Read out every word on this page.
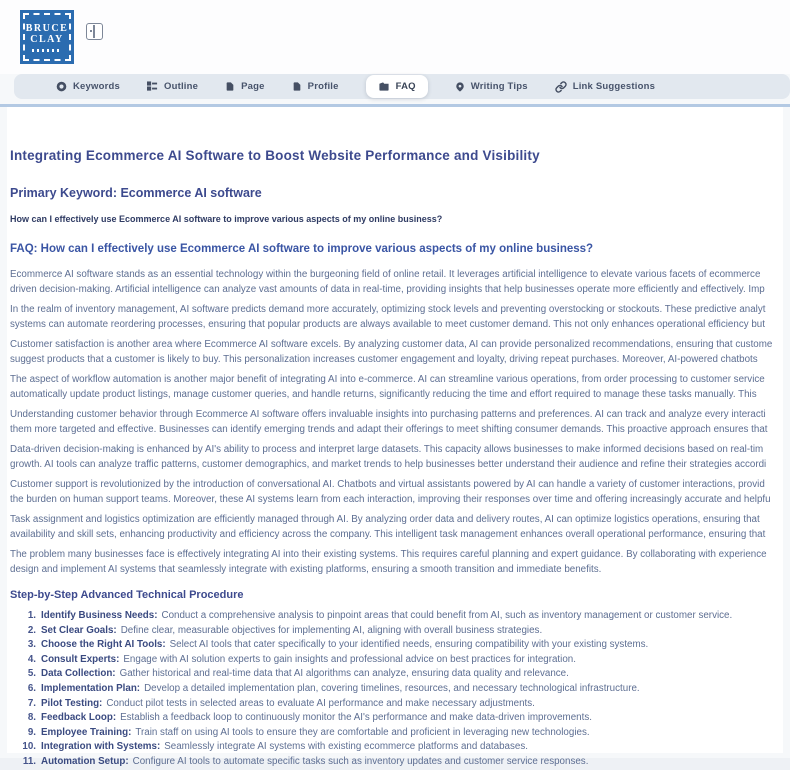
BRUCE
CLAY
Keywords	Outline	Page	Profile	FAQ	Writing Tips	Link Suggestions
Integrating Ecommerce AI Software to Boost Website Performance and Visibility
Primary Keyword: Ecommerce AI software
How can I effectively use Ecommerce AI software to improve various aspects of my online business?
FAQ: How can I effectively use Ecommerce AI software to improve various aspects of my online business?
Ecommerce AI software stands as an essential technology within the burgeoning field of online retail. It leverages artificial intelligence to elevate various facets of ecommerce
driven decision-making. Artificial intelligence can analyze vast amounts of data in real-time, providing insights that help businesses operate more efficiently and effectively. Imp
In the realm of inventory management, AI software predicts demand more accurately, optimizing stock levels and preventing overstocking or stockouts. These predictive analyt
systems can automate reordering processes, ensuring that popular products are always available to meet customer demand. This not only enhances operational efficiency but
Customer satisfaction is another area where Ecommerce AI software excels. By analyzing customer data, AI can provide personalized recommendations, ensuring that custome
suggest products that a customer is likely to buy. This personalization increases customer engagement and loyalty, driving repeat purchases. Moreover, AI-powered chatbots
The aspect of workflow automation is another major benefit of integrating AI into e-commerce. AI can streamline various operations, from order processing to customer service
automatically update product listings, manage customer queries, and handle returns, significantly reducing the time and effort required to manage these tasks manually. This
Understanding customer behavior through Ecommerce AI software offers invaluable insights into purchasing patterns and preferences. AI can track and analyze every interacti
them more targeted and effective. Businesses can identify emerging trends and adapt their offerings to meet shifting consumer demands. This proactive approach ensures that
Data-driven decision-making is enhanced by AI's ability to process and interpret large datasets. This capacity allows businesses to make informed decisions based on real-tim
growth. AI tools can analyze traffic patterns, customer demographics, and market trends to help businesses better understand their audience and refine their strategies accordi
Customer support is revolutionized by the introduction of conversational AI. Chatbots and virtual assistants powered by AI can handle a variety of customer interactions, provid
the burden on human support teams. Moreover, these AI systems learn from each interaction, improving their responses over time and offering increasingly accurate and helpfu
Task assignment and logistics optimization are efficiently managed through AI. By analyzing order data and delivery routes, AI can optimize logistics operations, ensuring that
availability and skill sets, enhancing productivity and efficiency across the company. This intelligent task management enhances overall operational performance, ensuring that
The problem many businesses face is effectively integrating AI into their existing systems. This requires careful planning and expert guidance. By collaborating with experience
design and implement AI systems that seamlessly integrate with existing platforms, ensuring a smooth transition and immediate benefits.
Step-by-Step Advanced Technical Procedure
1. Identify Business Needs: Conduct a comprehensive analysis to pinpoint areas that could benefit from AI, such as inventory management or customer service.
2. Set Clear Goals: Define clear, measurable objectives for implementing AI, aligning with overall business strategies.
3. Choose the Right AI Tools: Select AI tools that cater specifically to your identified needs, ensuring compatibility with your existing systems.
4. Consult Experts: Engage with AI solution experts to gain insights and professional advice on best practices for integration.
5. Data Collection: Gather historical and real-time data that AI algorithms can analyze, ensuring data quality and relevance.
6. Implementation Plan: Develop a detailed implementation plan, covering timelines, resources, and necessary technological infrastructure.
7. Pilot Testing: Conduct pilot tests in selected areas to evaluate AI performance and make necessary adjustments.
8. Feedback Loop: Establish a feedback loop to continuously monitor the AI's performance and make data-driven improvements.
9. Employee Training: Train staff on using AI tools to ensure they are comfortable and proficient in leveraging new technologies.
10. Integration with Systems: Seamlessly integrate AI systems with existing ecommerce platforms and databases.
11. Automation Setup: Configure AI tools to automate specific tasks such as inventory updates and customer service responses.
